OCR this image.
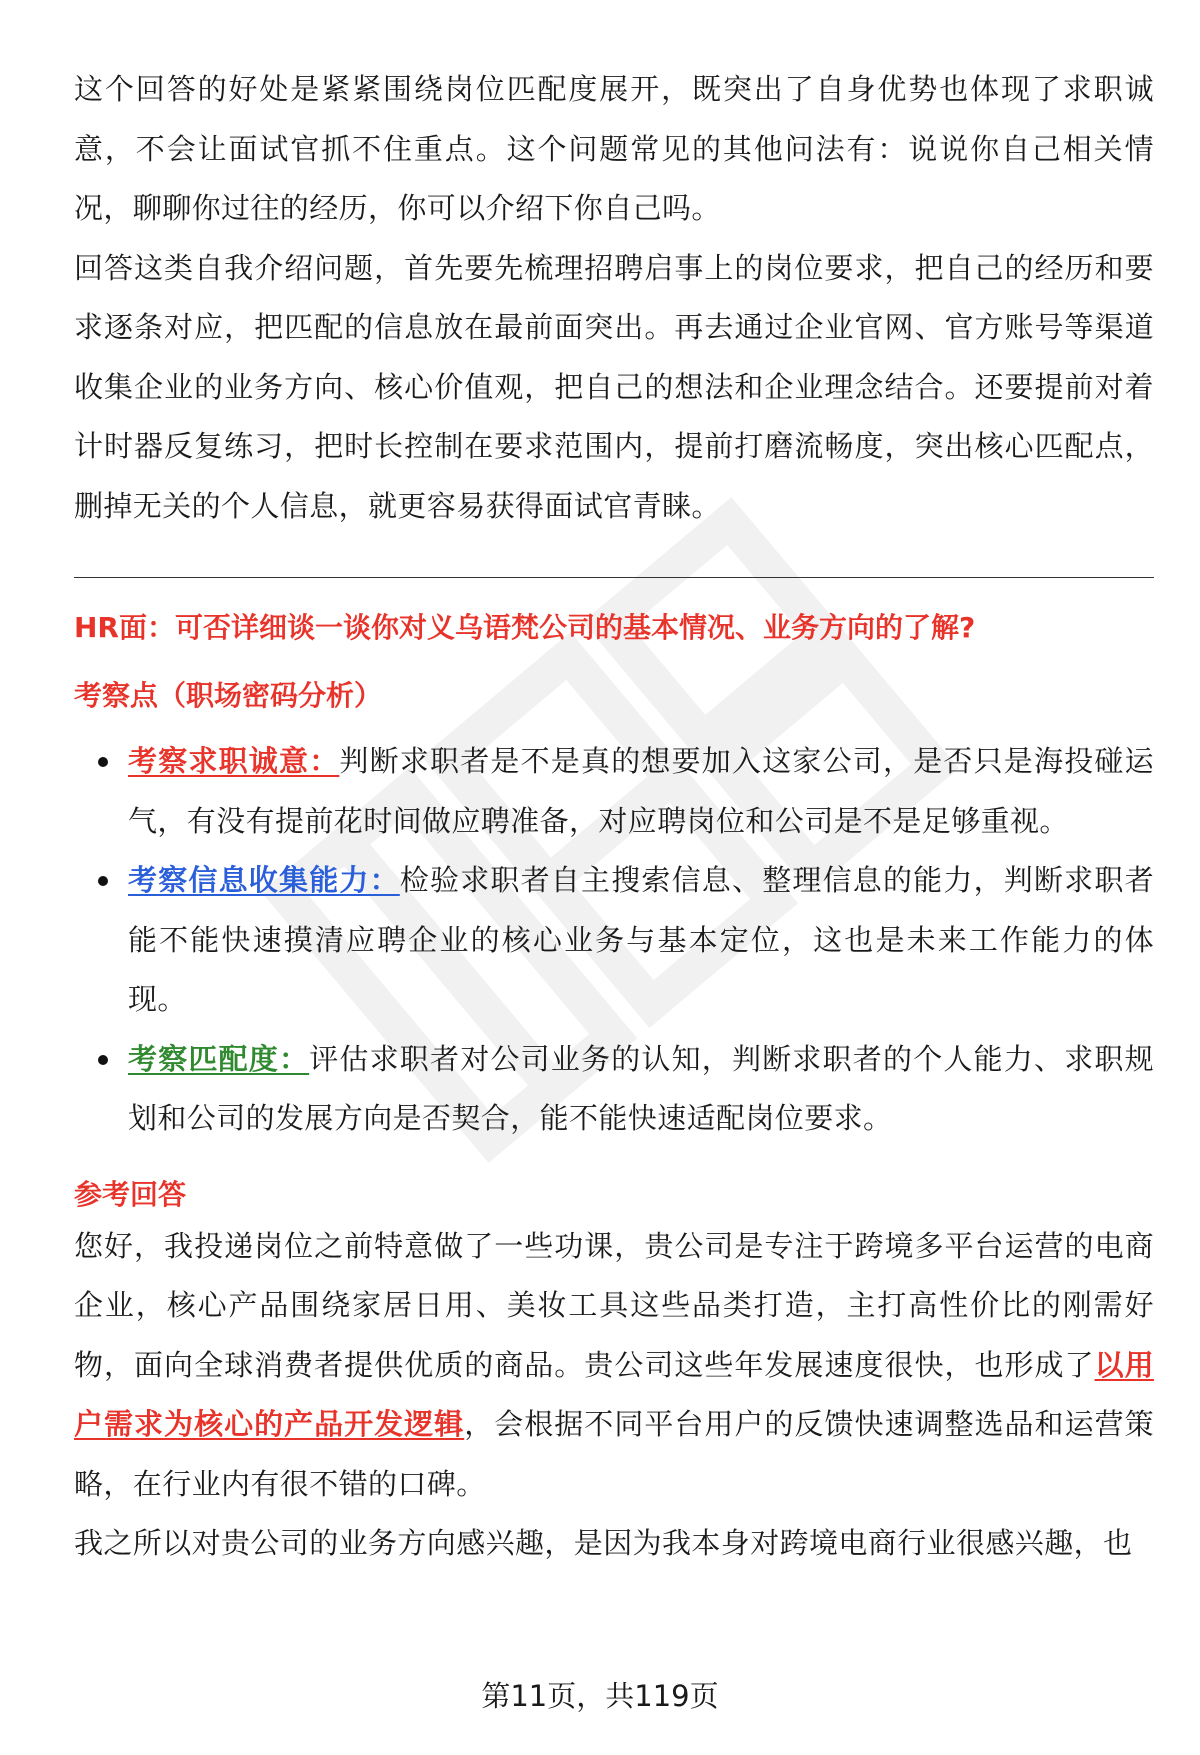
这个回答的好处是紧紧围绕岗位匹配度展开，既突出了自身优势也体现了求职诚意，不会让面试官抓不住重点。这个问题常见的其他问法有：说说你自己相关情况，聊聊你过往的经历，你可以介绍下你自己吗。

回答这类自我介绍问题，首先要先梳理招聘启事上的岗位要求，把自己的经历和要求逐条对应，把匹配的信息放在最前面突出。再去通过企业官网、官方账号等渠道收集企业的业务方向、核心价值观，把自己的想法和企业理念结合。还要提前对着计时器反复练习，把时长控制在要求范围内，提前打磨流畅度，突出核心匹配点，删掉无关的个人信息，就更容易获得面试官青睐。

HR面：可否详细谈一谈你对义乌语梵公司的基本情况、业务方向的了解?
考察点（职场密码分析）
考察求职诚意：判断求职者是不是真的想要加入这家公司，是否只是海投碰运气，有没有提前花时间做应聘准备，对应聘岗位和公司是不是足够重视。
考察信息收集能力：检验求职者自主搜索信息、整理信息的能力，判断求职者能不能快速摸清应聘企业的核心业务与基本定位，这也是未来工作能力的体现。
考察匹配度：评估求职者对公司业务的认知，判断求职者的个人能力、求职规划和公司的发展方向是否契合，能不能快速适配岗位要求。
参考回答

您好，我投递岗位之前特意做了一些功课，贵公司是专注于跨境多平台运营的电商企业，核心产品围绕家居日用、美妆工具这些品类打造，主打高性价比的刚需好物，面向全球消费者提供优质的商品。贵公司这些年发展速度很快，也形成了以用户需求为核心的产品开发逻辑，会根据不同平台用户的反馈快速调整选品和运营策略，在行业内有很不错的口碑。

我之所以对贵公司的业务方向感兴趣，是因为我本身对跨境电商行业很感兴趣，也

第11页，共119页
